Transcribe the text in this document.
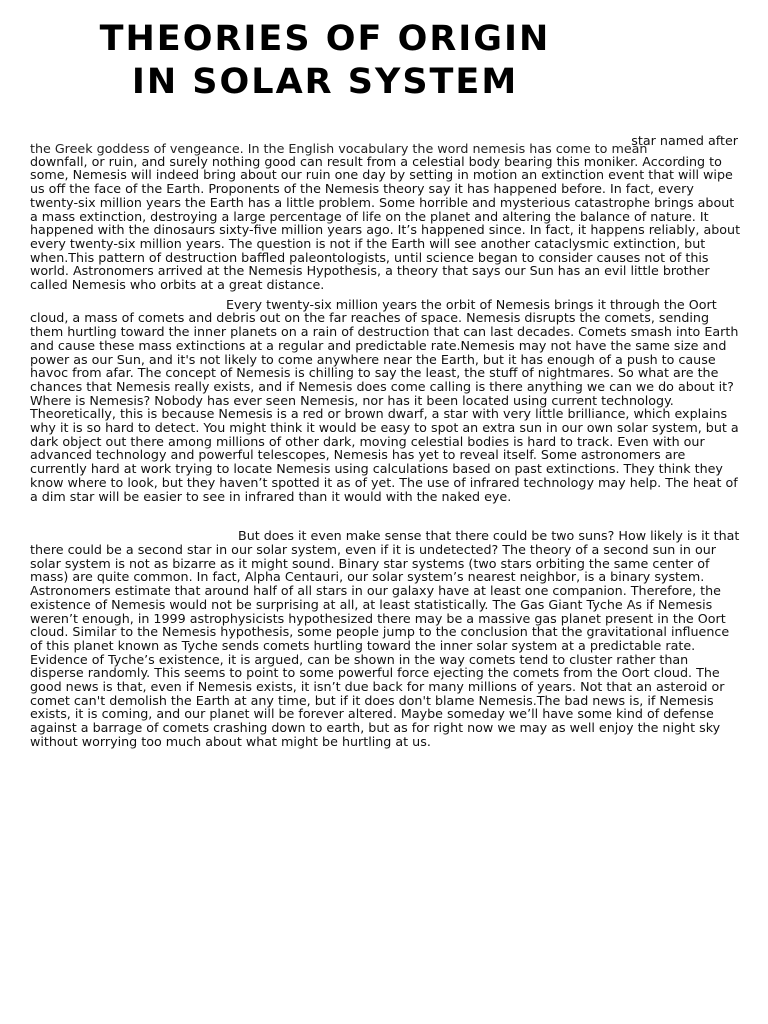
THEORIES OF ORIGIN
IN SOLAR SYSTEM

star named after
the Greek goddess of vengeance. In the English vocabulary the word nemesis has come to mean
downfall, or ruin, and surely nothing good can result from a celestial body bearing this moniker. According to some, Nemesis will indeed bring about our ruin one day by setting in motion an extinction event that will wipe us off the face of the Earth. Proponents of the Nemesis theory say it has happened before. In fact, every twenty-six million years the Earth has a little problem. Some horrible and mysterious catastrophe brings about a mass extinction, destroying a large percentage of life on the planet and altering the balance of nature. It happened with the dinosaurs sixty-five million years ago. It’s happened since. In fact, it happens reliably, about every twenty-six million years. The question is not if the Earth will see another cataclysmic extinction, but when.This pattern of destruction baffled paleontologists, until science began to consider causes not of this world. Astronomers arrived at the Nemesis Hypothesis, a theory that says our Sun has an evil little brother called Nemesis who orbits at a great distance.

Every twenty-six million years the orbit of Nemesis brings it through the Oort cloud, a mass of comets and debris out on the far reaches of space. Nemesis disrupts the comets, sending them hurtling toward the inner planets on a rain of destruction that can last decades. Comets smash into Earth and cause these mass extinctions at a regular and predictable rate.Nemesis may not have the same size and power as our Sun, and it's not likely to come anywhere near the Earth, but it has enough of a push to cause havoc from afar. The concept of Nemesis is chilling to say the least, the stuff of nightmares. So what are the chances that Nemesis really exists, and if Nemesis does come calling is there anything we can we do about it? Where is Nemesis? Nobody has ever seen Nemesis, nor has it been located using current technology. Theoretically, this is because Nemesis is a red or brown dwarf, a star with very little brilliance, which explains why it is so hard to detect. You might think it would be easy to spot an extra sun in our own solar system, but a dark object out there among millions of other dark, moving celestial bodies is hard to track. Even with our advanced technology and powerful telescopes, Nemesis has yet to reveal itself. Some astronomers are currently hard at work trying to locate Nemesis using calculations based on past extinctions. They think they know where to look, but they haven’t spotted it as of yet. The use of infrared technology may help. The heat of a dim star will be easier to see in infrared than it would with the naked eye.

But does it even make sense that there could be two suns? How likely is it that there could be a second star in our solar system, even if it is undetected? The theory of a second sun in our solar system is not as bizarre as it might sound. Binary star systems (two stars orbiting the same center of mass) are quite common. In fact, Alpha Centauri, our solar system’s nearest neighbor, is a binary system. Astronomers estimate that around half of all stars in our galaxy have at least one companion. Therefore, the existence of Nemesis would not be surprising at all, at least statistically. The Gas Giant Tyche As if Nemesis weren’t enough, in 1999 astrophysicists hypothesized there may be a massive gas planet present in the Oort cloud. Similar to the Nemesis hypothesis, some people jump to the conclusion that the gravitational influence of this planet known as Tyche sends comets hurtling toward the inner solar system at a predictable rate. Evidence of Tyche’s existence, it is argued, can be shown in the way comets tend to cluster rather than disperse randomly. This seems to point to some powerful force ejecting the comets from the Oort cloud. The good news is that, even if Nemesis exists, it isn’t due back for many millions of years. Not that an asteroid or comet can't demolish the Earth at any time, but if it does don't blame Nemesis.The bad news is, if Nemesis exists, it is coming, and our planet will be forever altered. Maybe someday we’ll have some kind of defense against a barrage of comets crashing down to earth, but as for right now we may as well enjoy the night sky without worrying too much about what might be hurtling at us.
